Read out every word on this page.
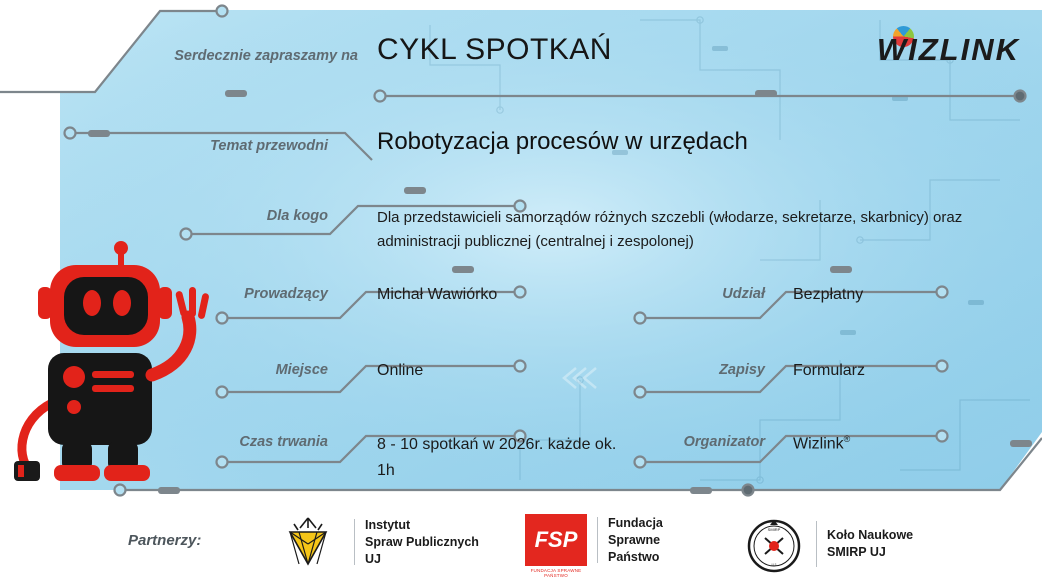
Serdecznie zapraszamy na CYKL SPOTKAŃ	WIZLINK
Temat przewodni Robotyzacja procesów w urzędach
Dla kogo	Dla przedstawicieli samorządów różnych szczebli (włodarze, sekretarze, skarbnicy) oraz administracji publicznej (centralnej i zespolonej)
Prowadzący	Michał Wawiórko
Miejsce	Online
Czas trwania	8 - 10 spotkań w 2026r. każde ok. 1h
Udział Bezpłatny
Zapisy Formularz
Organizator Wizlink®
Partnerzy:
Instytut
Spraw Publicznych
UJ
FSP
FUNDACJA SPRAWNE PAŃSTWO
Fundacja
Sprawne
Państwo
SMIRP
UJ
Koło Naukowe
SMIRP UJ
